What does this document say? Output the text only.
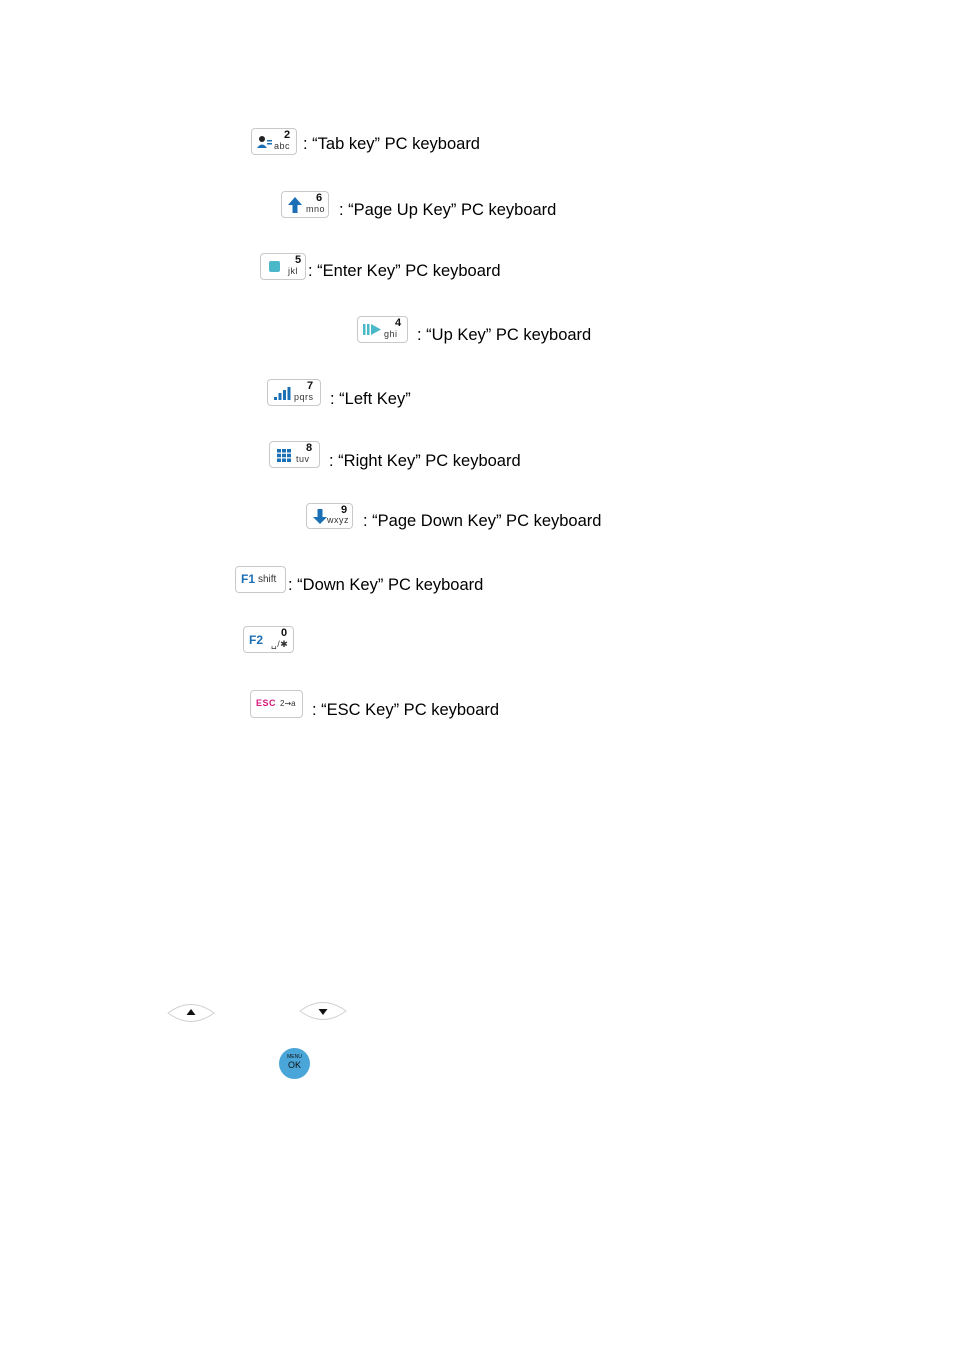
2
abc : “Tab key” PC keyboard
6
mno : “Page Up Key” PC keyboard
5
jkl : “Enter Key” PC keyboard
4
ghi : “Up Key” PC keyboard
7
pqrs : “Left Key”
8
tuv : “Right Key” PC keyboard
9
wxyz : “Page Down Key” PC keyboard
F1 shift : “Down Key” PC keyboard
F2 0
␣/✱
ESC 2⇝a : “ESC Key” PC keyboard
MENU
OK
